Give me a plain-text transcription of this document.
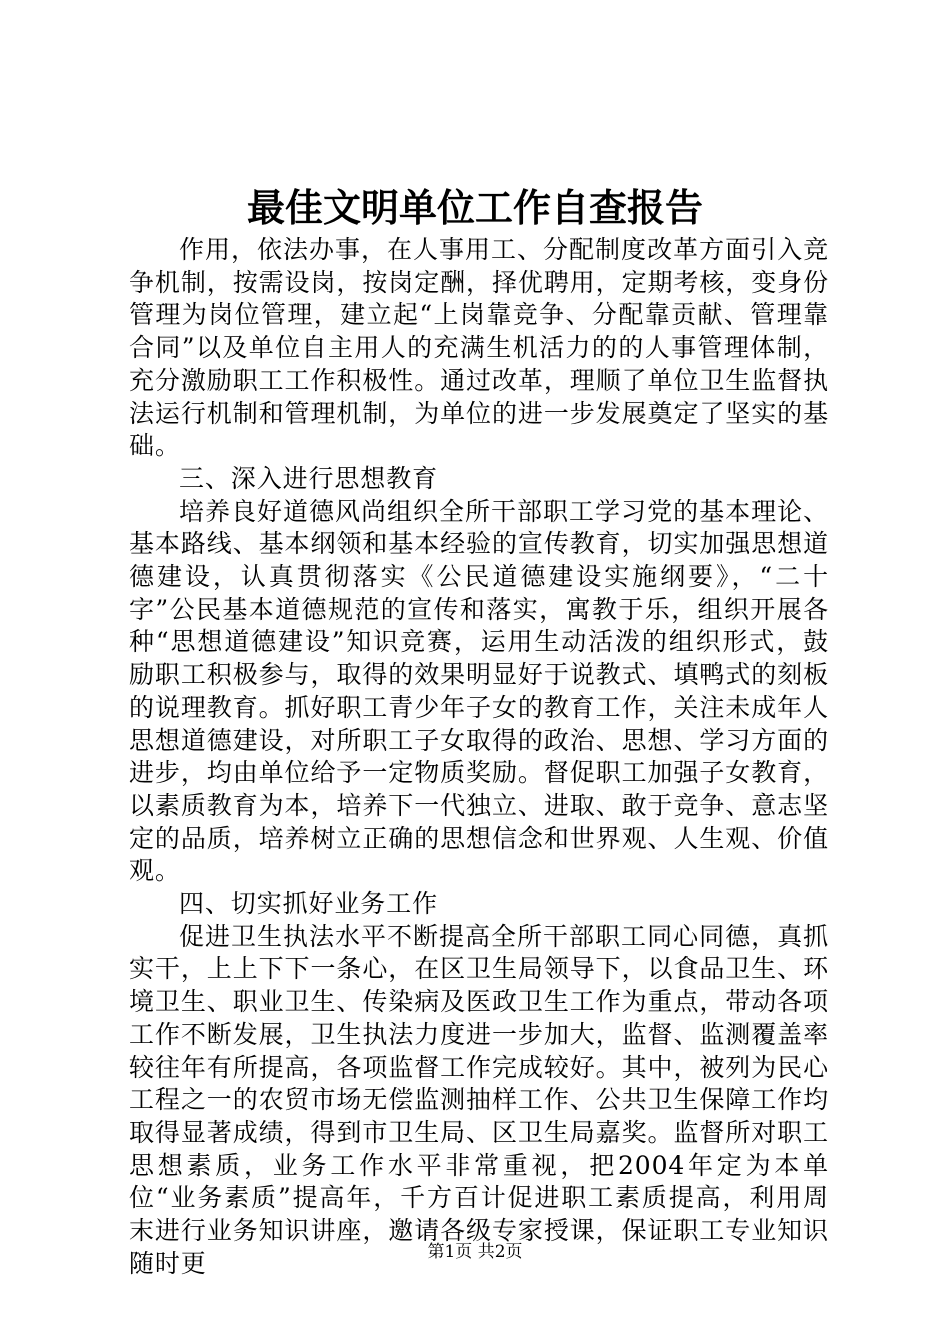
最佳文明单位工作自查报告

作用，依法办事，在人事用工、分配制度改革方面引入竞争机制，按需设岗，按岗定酬，择优聘用，定期考核，变身份管理为岗位管理，建立起“上岗靠竞争、分配靠贡献、管理靠合同”以及单位自主用人的充满生机活力的的人事管理体制，充分激励职工工作积极性。通过改革，理顺了单位卫生监督执法运行机制和管理机制，为单位的进一步发展奠定了坚实的基础。

三、深入进行思想教育

培养良好道德风尚组织全所干部职工学习党的基本理论、基本路线、基本纲领和基本经验的宣传教育，切实加强思想道德建设，认真贯彻落实《公民道德建设实施纲要》，“二十字”公民基本道德规范的宣传和落实，寓教于乐，组织开展各种“思想道德建设”知识竞赛，运用生动活泼的组织形式，鼓励职工积极参与，取得的效果明显好于说教式、填鸭式的刻板的说理教育。抓好职工青少年子女的教育工作，关注未成年人思想道德建设，对所职工子女取得的政治、思想、学习方面的进步，均由单位给予一定物质奖励。督促职工加强子女教育，以素质教育为本，培养下一代独立、进取、敢于竞争、意志坚定的品质，培养树立正确的思想信念和世界观、人生观、价值观。

四、切实抓好业务工作

促进卫生执法水平不断提高全所干部职工同心同德，真抓实干，上上下下一条心，在区卫生局领导下，以食品卫生、环境卫生、职业卫生、传染病及医政卫生工作为重点，带动各项工作不断发展，卫生执法力度进一步加大，监督、监测覆盖率较往年有所提高，各项监督工作完成较好。其中，被列为民心工程之一的农贸市场无偿监测抽样工作、公共卫生保障工作均取得显著成绩，得到市卫生局、区卫生局嘉奖。监督所对职工思想素质，业务工作水平非常重视，把2004年定为本单位“业务素质”提高年，千方百计促进职工素质提高，利用周末进行业务知识讲座，邀请各级专家授课，保证职工专业知识随时更	第1页 共2页
